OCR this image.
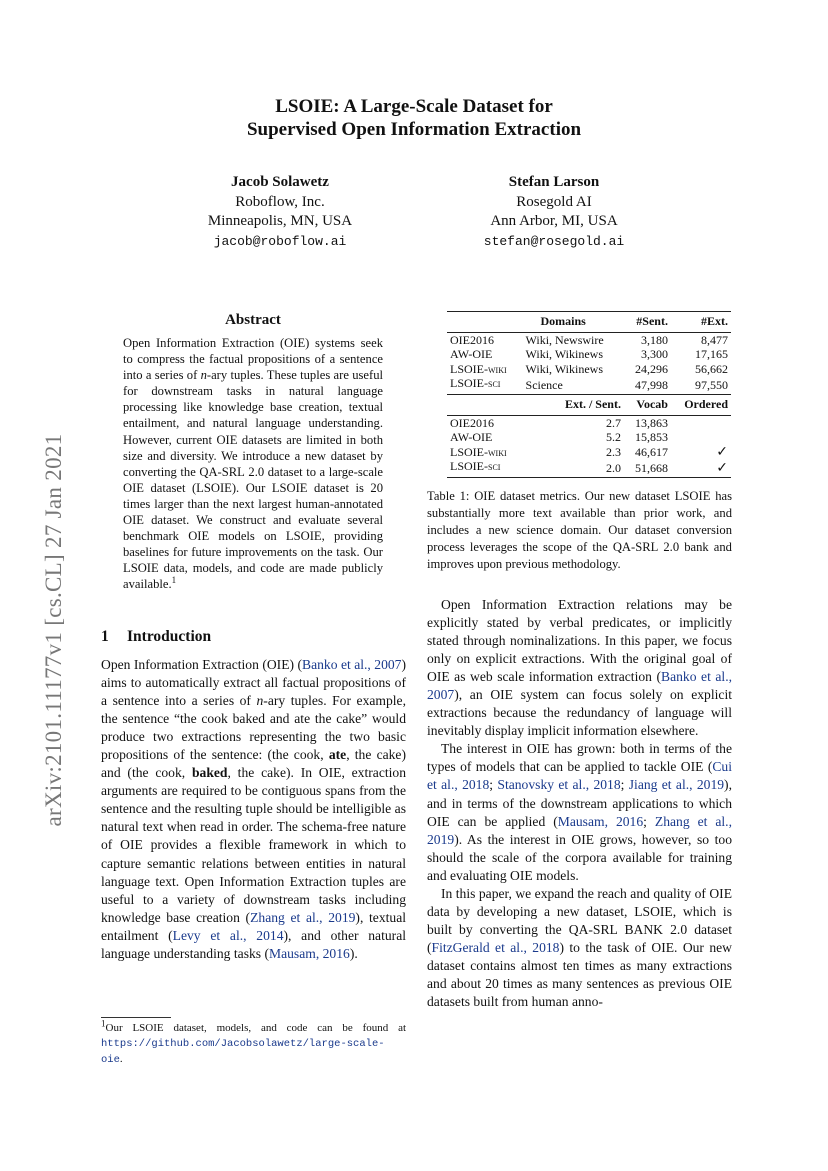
arXiv:2101.11177v1 [cs.CL] 27 Jan 2021
LSOIE: A Large-Scale Dataset for
Supervised Open Information Extraction
Jacob Solawetz
Roboflow, Inc.
Minneapolis, MN, USA
jacob@roboflow.ai
Stefan Larson
Rosegold AI
Ann Arbor, MI, USA
stefan@rosegold.ai
Abstract
Open Information Extraction (OIE) systems seek to compress the factual propositions of a sentence into a series of n-ary tuples. These tuples are useful for downstream tasks in natural language processing like knowledge base creation, textual entailment, and natural language understanding. However, current OIE datasets are limited in both size and diversity. We introduce a new dataset by converting the QA-SRL 2.0 dataset to a large-scale OIE dataset (LSOIE). Our LSOIE dataset is 20 times larger than the next largest human-annotated OIE dataset. We construct and evaluate several benchmark OIE models on LSOIE, providing baselines for future improvements on the task. Our LSOIE data, models, and code are made publicly available.$^1$
1 Introduction
Open Information Extraction (OIE) (Banko et al., 2007) aims to automatically extract all factual propositions of a sentence into a series of n-ary tuples. For example, the sentence “the cook baked and ate the cake” would produce two extractions representing the two basic propositions of the sentence: (the cook, ate, the cake) and (the cook, baked, the cake). In OIE, extraction arguments are required to be contiguous spans from the sentence and the resulting tuple should be intelligible as natural text when read in order. The schema-free nature of OIE provides a flexible framework in which to capture semantic relations between entities in natural language text. Open Information Extraction tuples are useful to a variety of downstream tasks including knowledge base creation (Zhang et al., 2019), textual entailment (Levy et al., 2014), and other natural language understanding tasks (Mausam, 2016).
$^1$Our LSOIE dataset, models, and code can be found at https://github.com/Jacobsolawetz/large-scale-oie.
	Domains	#Sent.	#Ext.
OIE2016	Wiki, Newswire	3,180	8,477
AW-OIE	Wiki, Wikinews	3,300	17,165
LSOIE-wiki	Wiki, Wikinews	24,296	56,662
LSOIE-sci	Science	47,998	97,550
	Ext. / Sent.	Vocab	Ordered
OIE2016	2.7	13,863	
AW-OIE	5.2	15,853	
LSOIE-wiki	2.3	46,617	✓
LSOIE-sci	2.0	51,668	✓

Table 1: OIE dataset metrics. Our new dataset LSOIE has substantially more text available than prior work, and includes a new science domain. Our dataset conversion process leverages the scope of the QA-SRL 2.0 bank and improves upon previous methodology.

Open Information Extraction relations may be explicitly stated by verbal predicates, or implicitly stated through nominalizations. In this paper, we focus only on explicit extractions. With the original goal of OIE as web scale information extraction (Banko et al., 2007), an OIE system can focus solely on explicit extractions because the redundancy of language will inevitably display implicit information elsewhere.

The interest in OIE has grown: both in terms of the types of models that can be applied to tackle OIE (Cui et al., 2018; Stanovsky et al., 2018; Jiang et al., 2019), and in terms of the downstream applications to which OIE can be applied (Mausam, 2016; Zhang et al., 2019). As the interest in OIE grows, however, so too should the scale of the corpora available for training and evaluating OIE models.

In this paper, we expand the reach and quality of OIE data by developing a new dataset, LSOIE, which is built by converting the QA-SRL BANK 2.0 dataset (FitzGerald et al., 2018) to the task of OIE. Our new dataset contains almost ten times as many extractions and about 20 times as many sentences as previous OIE datasets built from human anno-
